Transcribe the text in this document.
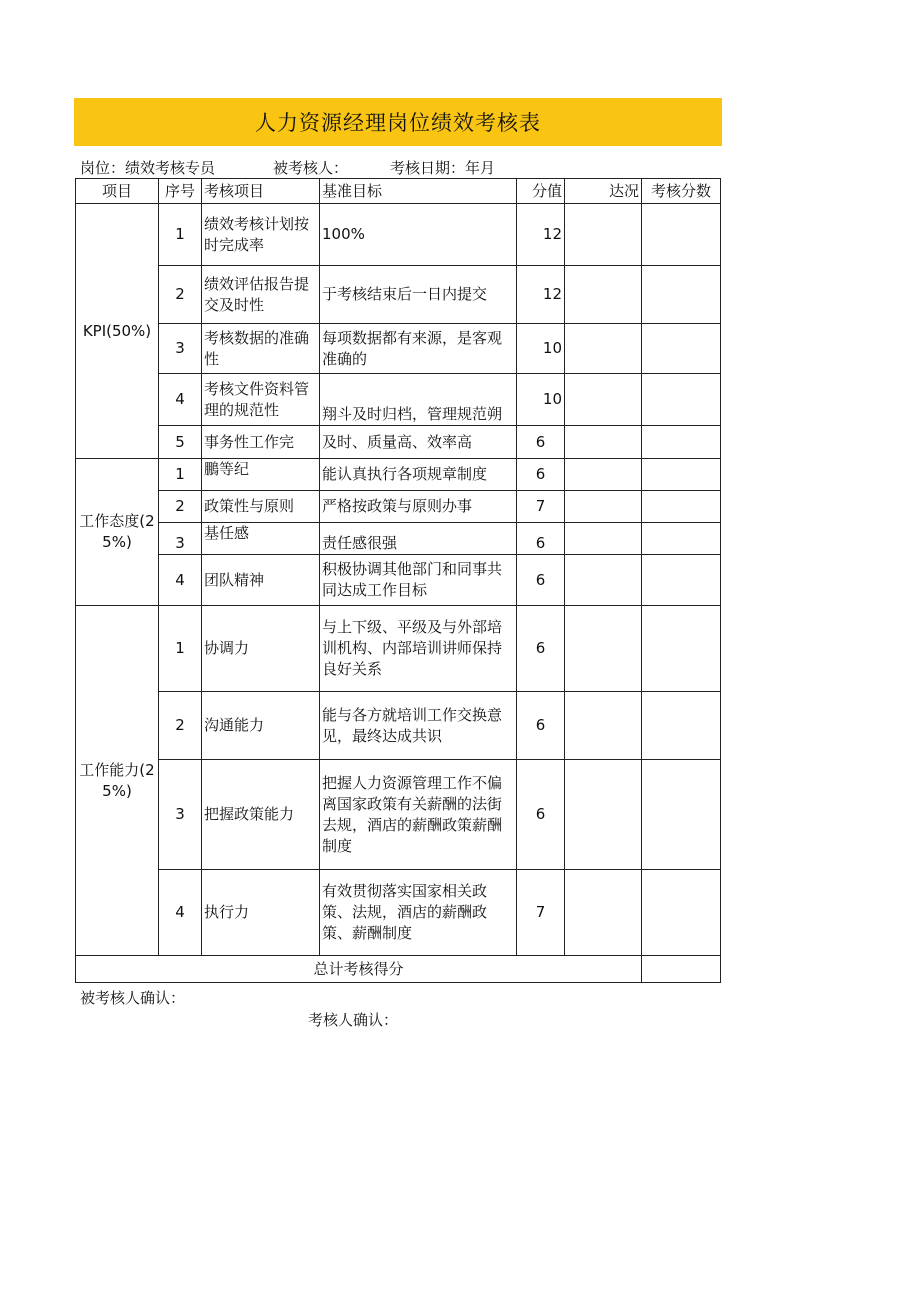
人力资源经理岗位绩效考核表
岗位：绩效考核专员	被考核人：	考核日期：年月
项目	序号	考核项目	基准目标	分值	达况	考核分数
KPI(50%)	1	绩效考核计划按时完成率	100%	12		
	2	绩效评估报告提交及时性	于考核结束后一日内提交	12		
	3	考核数据的准确性	每项数据都有来源，是客观准确的	10		
	4	考核文件资料管理的规范性	翔斗及时归档，管理规范朔	10		
	5	事务性工作完	及时、质量高、效率高	6		
工作态度(25%)	1	鵬等纪	能认真执行各项规章制度	6		
	2	政策性与原则	严格按政策与原则办事	7		
	3	基任感	责任感很强	6		
	4	团队精神	积极协调其他部门和同事共同达成工作目标	6		
工作能力(25%)	1	协调力	与上下级、平级及与外部培训机构、内部培训讲师保持良好关系	6		
	2	沟通能力	能与各方就培训工作交换意见，最终达成共识	6		
	3	把握政策能力	把握人力资源管理工作不偏离国家政策有关薪酬的法街去规，酒店的薪酬政策薪酬制度	6		
	4	执行力	有效贯彻落实国家相关政策、法规，酒店的薪酬政策、薪酬制度	7		
总计考核得分						
被考核人确认：
考核人确认：
